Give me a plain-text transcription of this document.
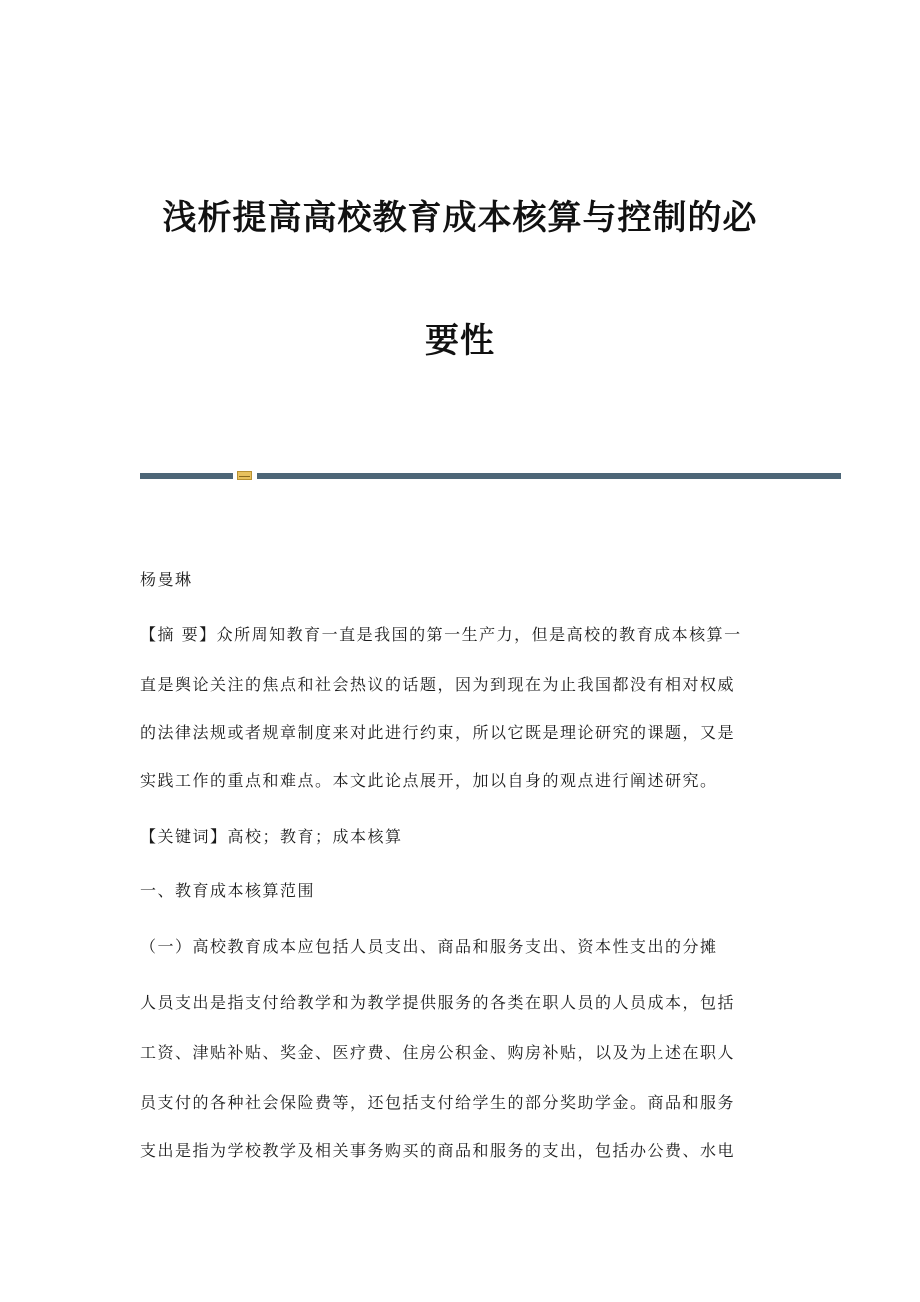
浅析提高高校教育成本核算与控制的必
要性

杨曼琳

【摘 要】众所周知教育一直是我国的第一生产力，但是高校的教育成本核算一

直是舆论关注的焦点和社会热议的话题，因为到现在为止我国都没有相对权威

的法律法规或者规章制度来对此进行约束，所以它既是理论研究的课题，又是

实践工作的重点和难点。本文此论点展开，加以自身的观点进行阐述研究。

【关键词】高校；教育；成本核算

一、教育成本核算范围

（一）高校教育成本应包括人员支出、商品和服务支出、资本性支出的分摊

人员支出是指支付给教学和为教学提供服务的各类在职人员的人员成本，包括

工资、津贴补贴、奖金、医疗费、住房公积金、购房补贴，以及为上述在职人

员支付的各种社会保险费等，还包括支付给学生的部分奖助学金。商品和服务

支出是指为学校教学及相关事务购买的商品和服务的支出，包括办公费、水电
